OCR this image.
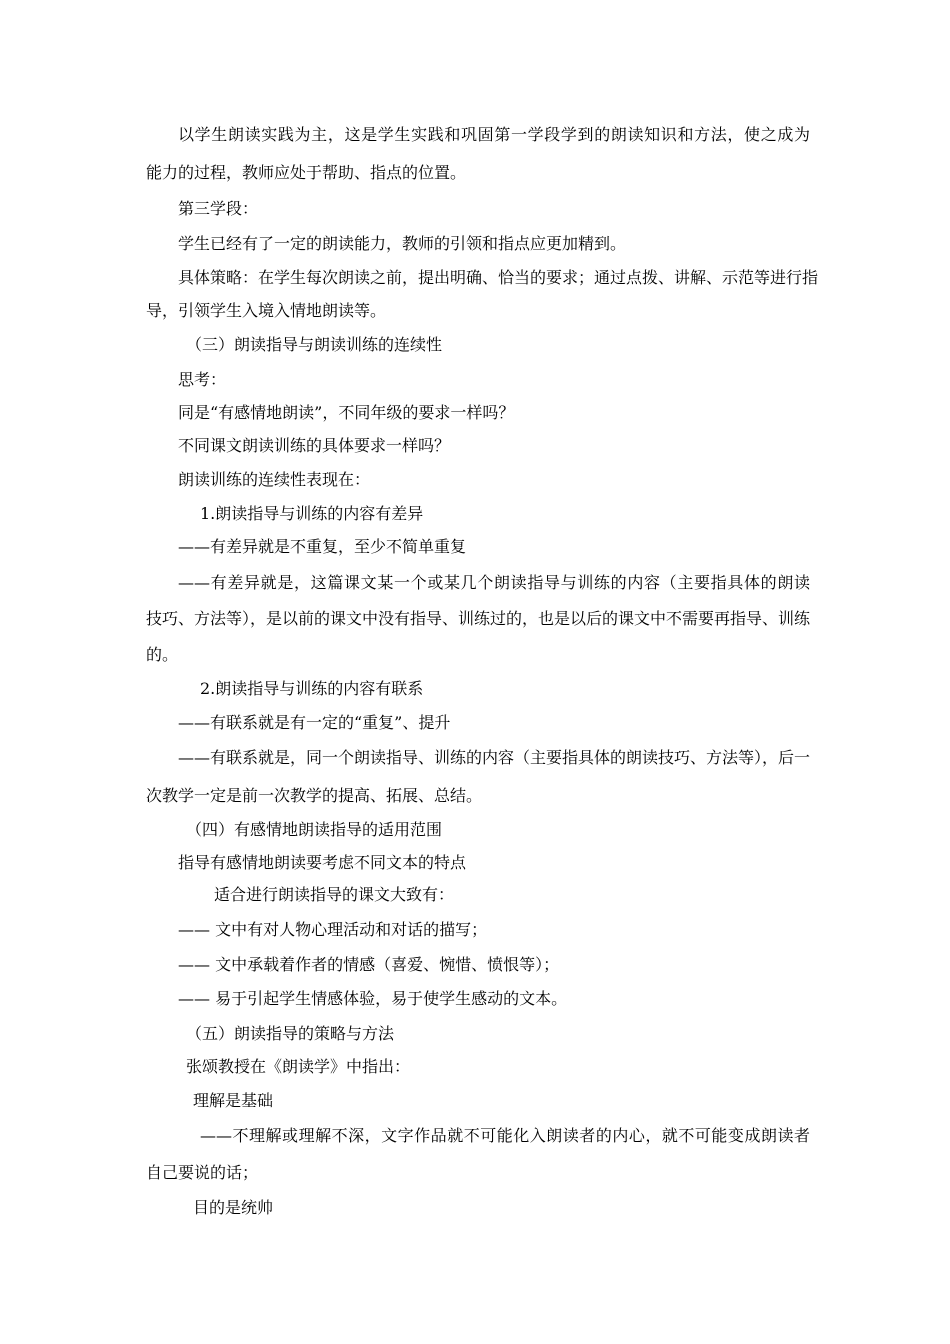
以学生朗读实践为主，这是学生实践和巩固第一学段学到的朗读知识和方法，使之成为
能力的过程，教师应处于帮助、指点的位置。
第三学段：
学生已经有了一定的朗读能力，教师的引领和指点应更加精到。
具体策略：在学生每次朗读之前，提出明确、恰当的要求；通过点拨、讲解、示范等进行指
导，引领学生入境入情地朗读等。
（三）朗读指导与朗读训练的连续性
思考：
同是“有感情地朗读”，不同年级的要求一样吗？
不同课文朗读训练的具体要求一样吗？
朗读训练的连续性表现在：
1.朗读指导与训练的内容有差异
——有差异就是不重复，至少不简单重复
——有差异就是，这篇课文某一个或某几个朗读指导与训练的内容（主要指具体的朗读
技巧、方法等），是以前的课文中没有指导、训练过的，也是以后的课文中不需要再指导、训练
的。
2.朗读指导与训练的内容有联系
——有联系就是有一定的“重复”、提升
——有联系就是，同一个朗读指导、训练的内容（主要指具体的朗读技巧、方法等），后一
次教学一定是前一次教学的提高、拓展、总结。
（四）有感情地朗读指导的适用范围
指导有感情地朗读要考虑不同文本的特点
适合进行朗读指导的课文大致有：
—— 文中有对人物心理活动和对话的描写；
—— 文中承载着作者的情感（喜爱、惋惜、愤恨等）；
—— 易于引起学生情感体验，易于使学生感动的文本。
（五）朗读指导的策略与方法
张颂教授在《朗读学》中指出：
理解是基础
——不理解或理解不深，文字作品就不可能化入朗读者的内心，就不可能变成朗读者
自己要说的话；
目的是统帅
